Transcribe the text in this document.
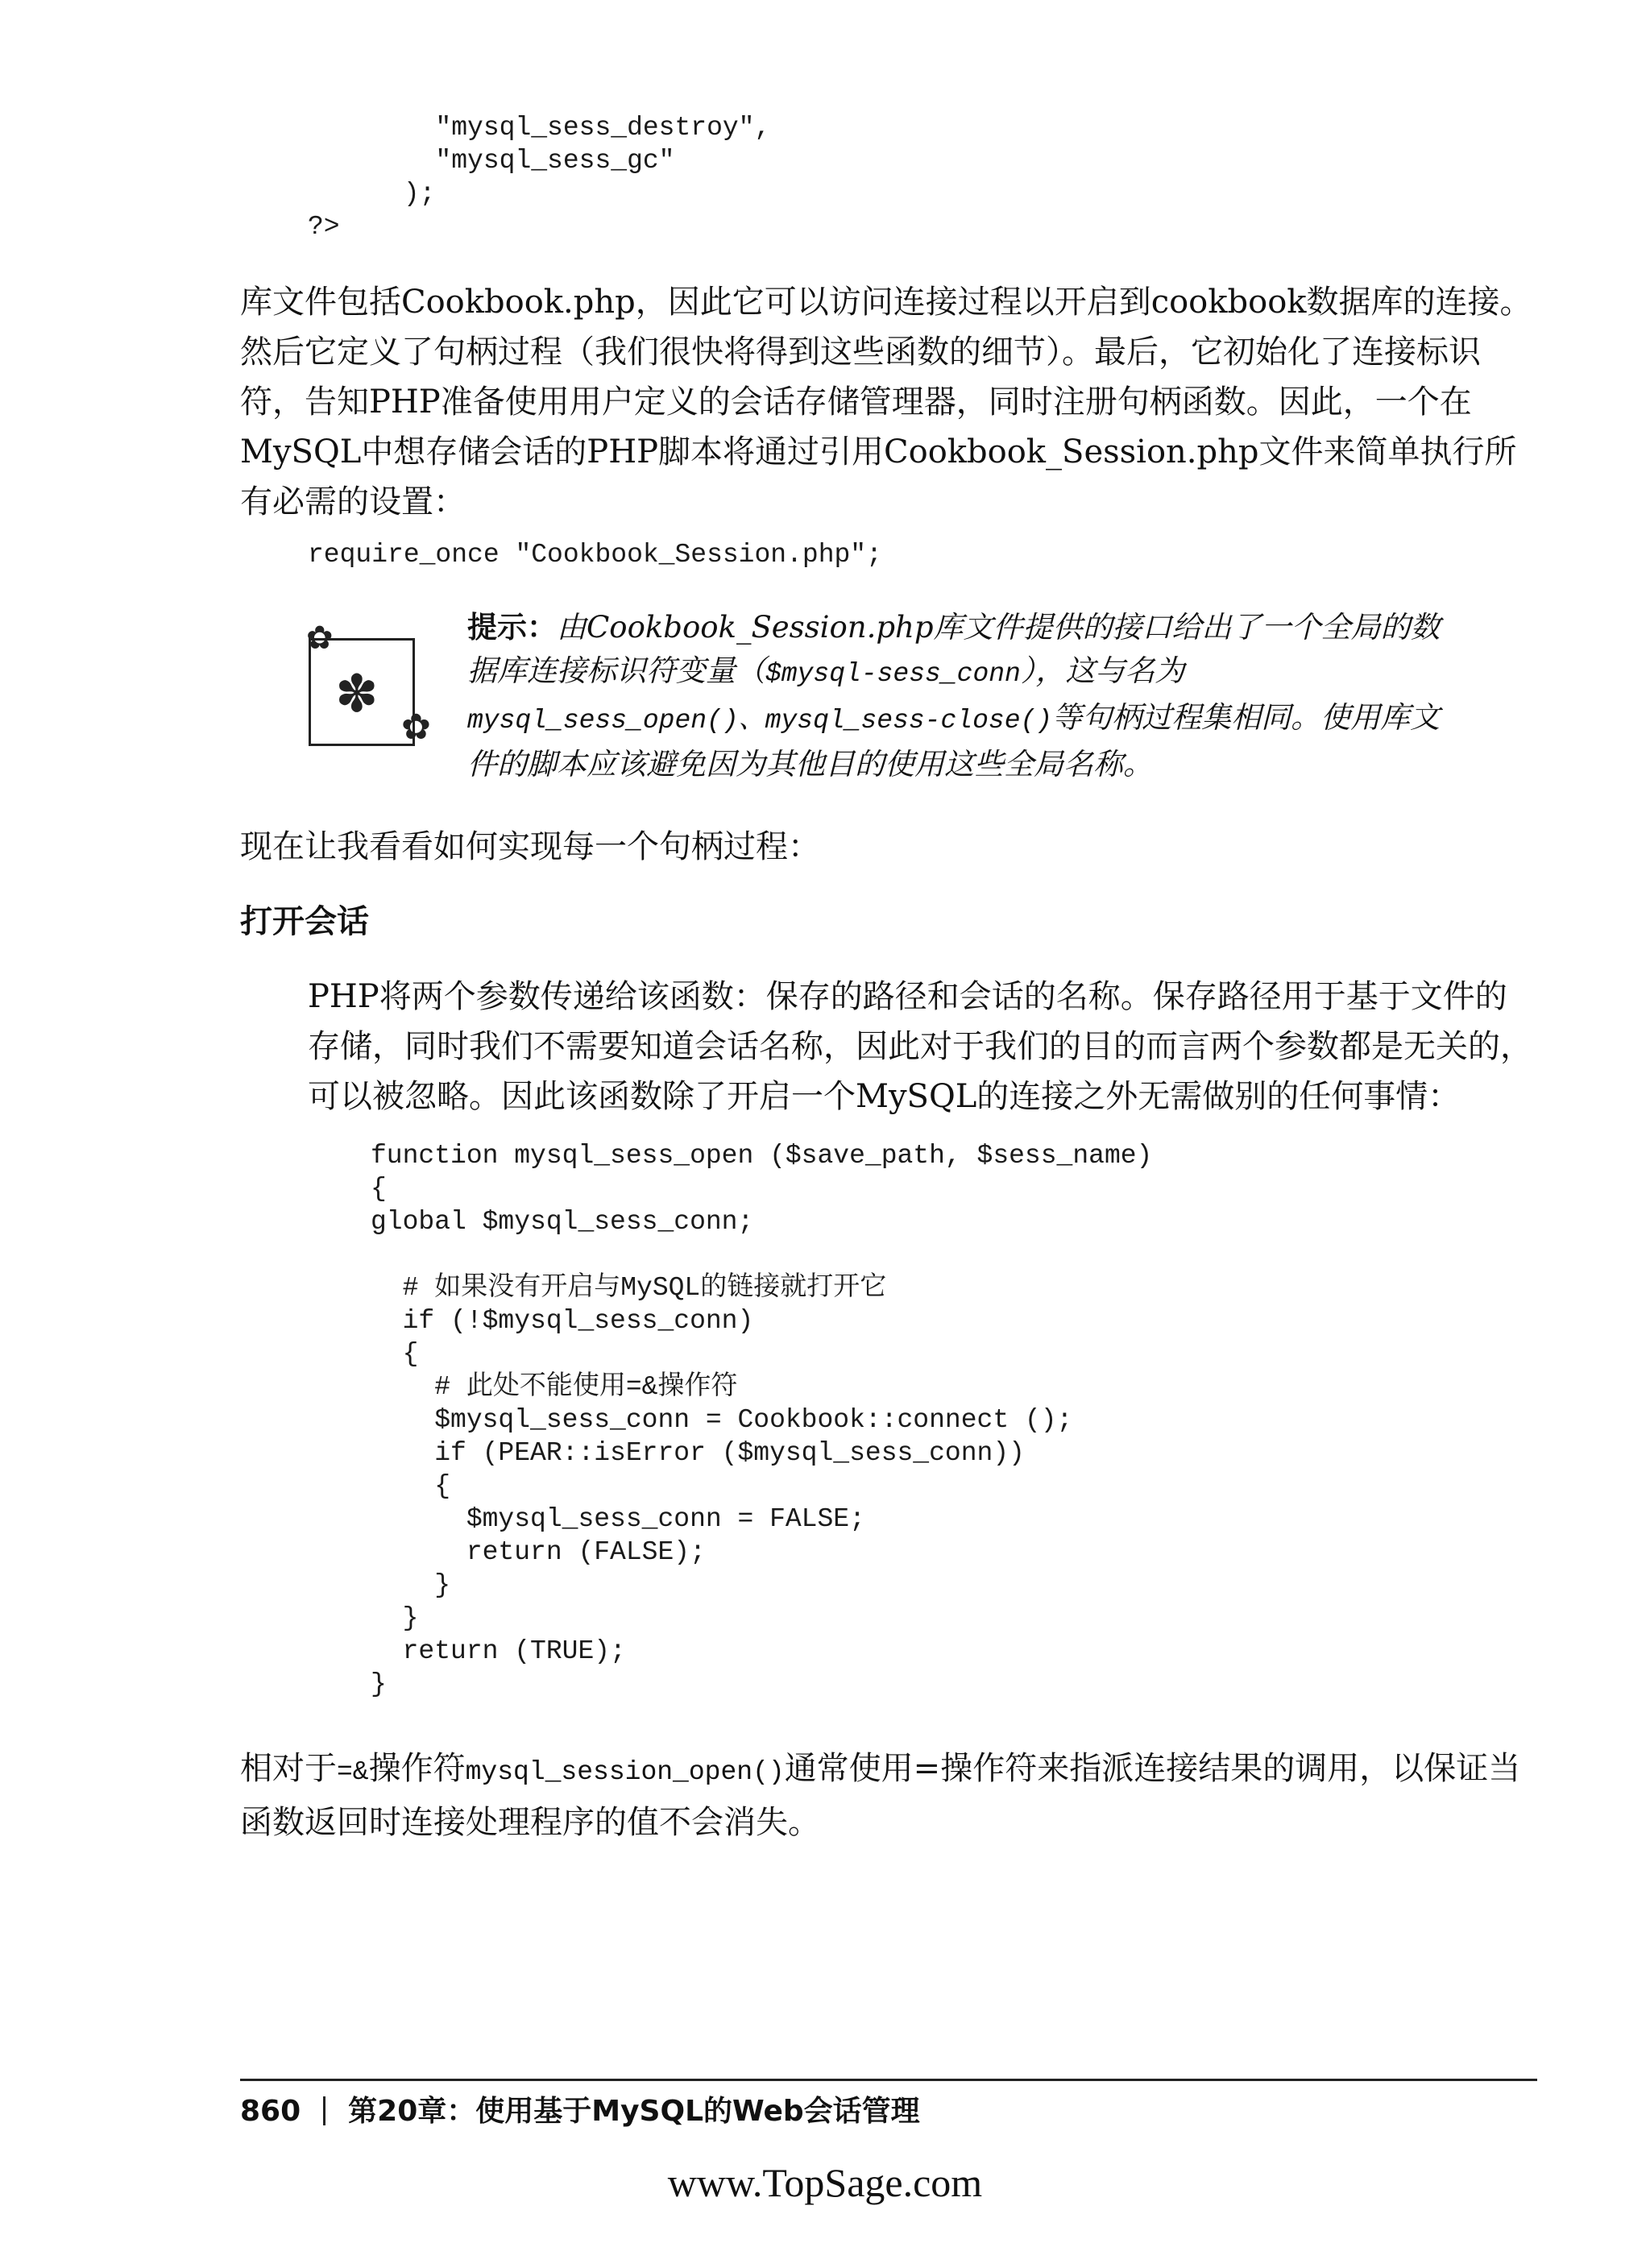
"mysql_sess_destroy",
"mysql_sess_gc"
);
?>
库文件包括Cookbook.php，因此它可以访问连接过程以开启到cookbook数据库的连接。然后它定义了句柄过程（我们很快将得到这些函数的细节）。最后，它初始化了连接标识符，告知PHP准备使用用户定义的会话存储管理器，同时注册句柄函数。因此，一个在MySQL中想存储会话的PHP脚本将通过引用Cookbook_Session.php文件来简单执行所有必需的设置：
require_once "Cookbook_Session.php";
✿
✽
✿
提示：由Cookbook_Session.php库文件提供的接口给出了一个全局的数据库连接标识符变量（$mysql-sess_conn），这与名为mysql_sess_open()、mysql_sess-close()等句柄过程集相同。使用库文件的脚本应该避免因为其他目的使用这些全局名称。
现在让我看看如何实现每一个句柄过程：
打开会话
PHP将两个参数传递给该函数：保存的路径和会话的名称。保存路径用于基于文件的存储，同时我们不需要知道会话名称，因此对于我们的目的而言两个参数都是无关的，可以被忽略。因此该函数除了开启一个MySQL的连接之外无需做别的任何事情：
function mysql_sess_open ($save_path, $sess_name)
{
global $mysql_sess_conn;

# 如果没有开启与MySQL的链接就打开它
if (!$mysql_sess_conn)
{
# 此处不能使用=&操作符
$mysql_sess_conn = Cookbook::connect ();
if (PEAR::isError ($mysql_sess_conn))
{
$mysql_sess_conn = FALSE;
return (FALSE);
}
}
return (TRUE);
}
相对于=&操作符mysql_session_open()通常使用=操作符来指派连接结果的调用，以保证当函数返回时连接处理程序的值不会消失。
860 第20章：使用基于MySQL的Web会话管理
www.TopSage.com
